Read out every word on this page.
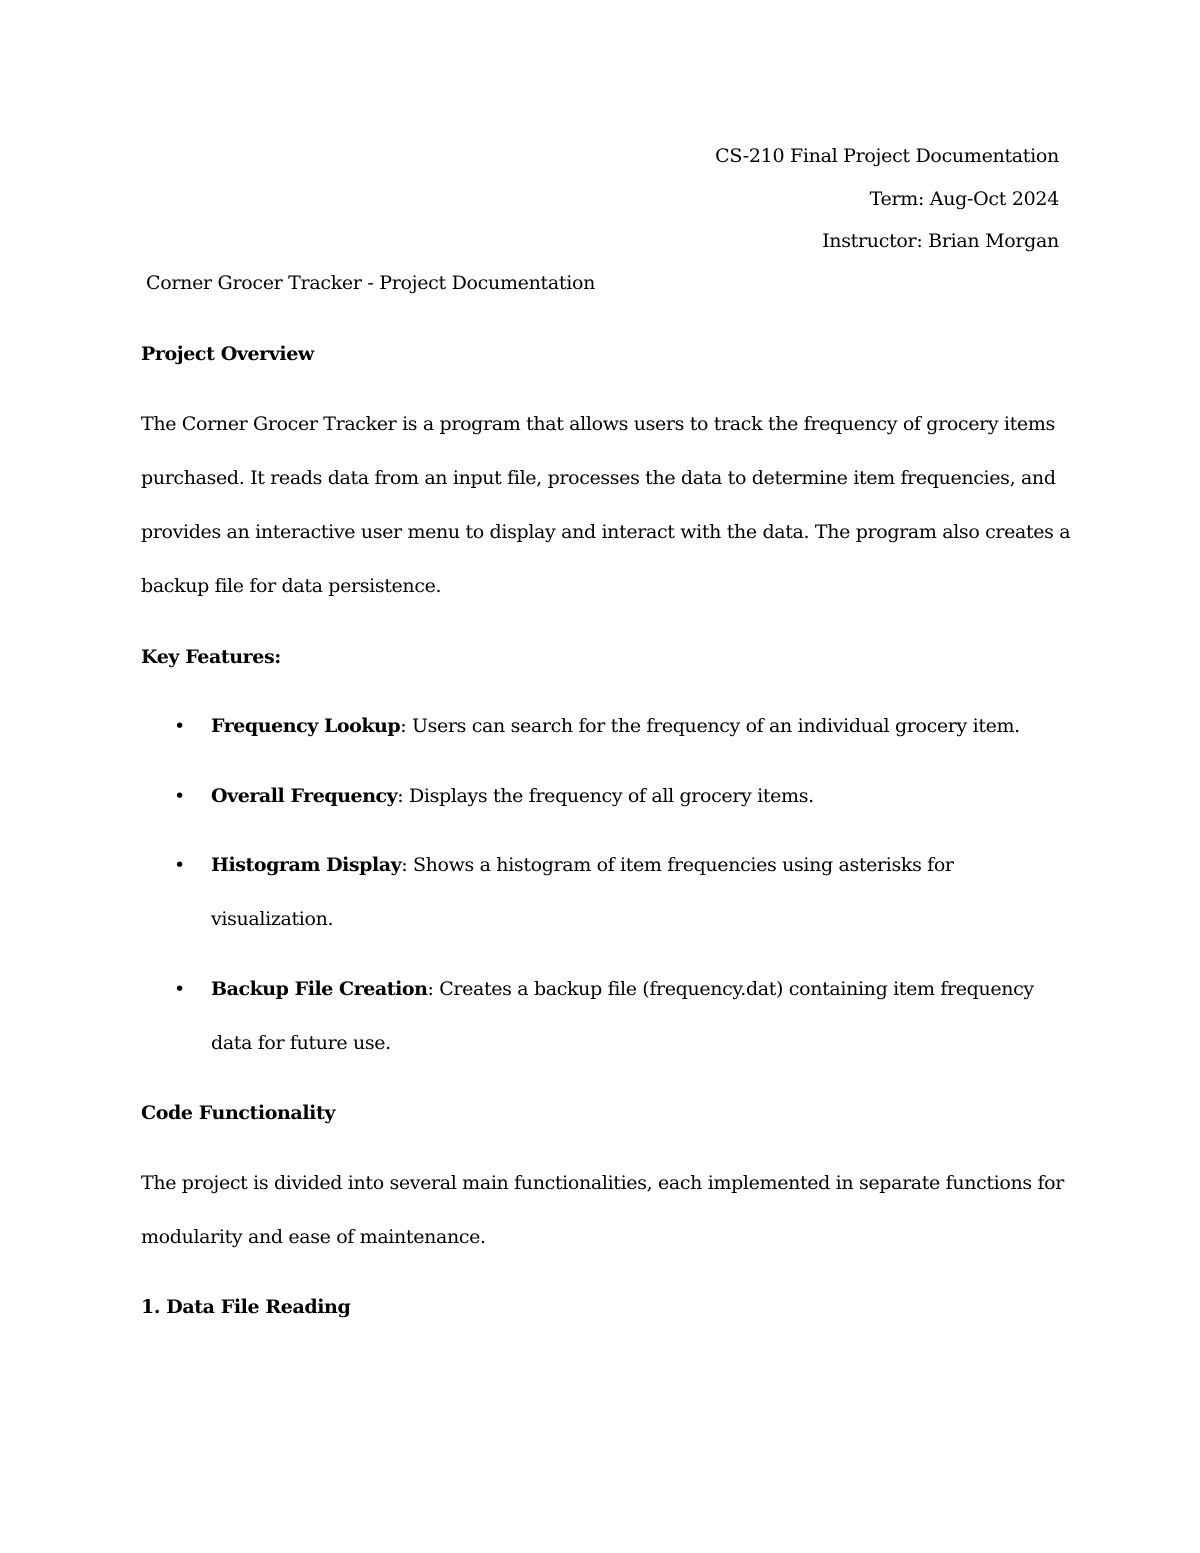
CS-210 Final Project Documentation
Term: Aug-Oct 2024
Instructor: Brian Morgan
Corner Grocer Tracker - Project Documentation
Project Overview
The Corner Grocer Tracker is a program that allows users to track the frequency of grocery items purchased. It reads data from an input file, processes the data to determine item frequencies, and provides an interactive user menu to display and interact with the data. The program also creates a backup file for data persistence.
Key Features:
• Frequency Lookup: Users can search for the frequency of an individual grocery item.
• Overall Frequency: Displays the frequency of all grocery items.
• Histogram Display: Shows a histogram of item frequencies using asterisks for visualization.
• Backup File Creation: Creates a backup file (frequency.dat) containing item frequency data for future use.
Code Functionality
The project is divided into several main functionalities, each implemented in separate functions for modularity and ease of maintenance.
1. Data File Reading
